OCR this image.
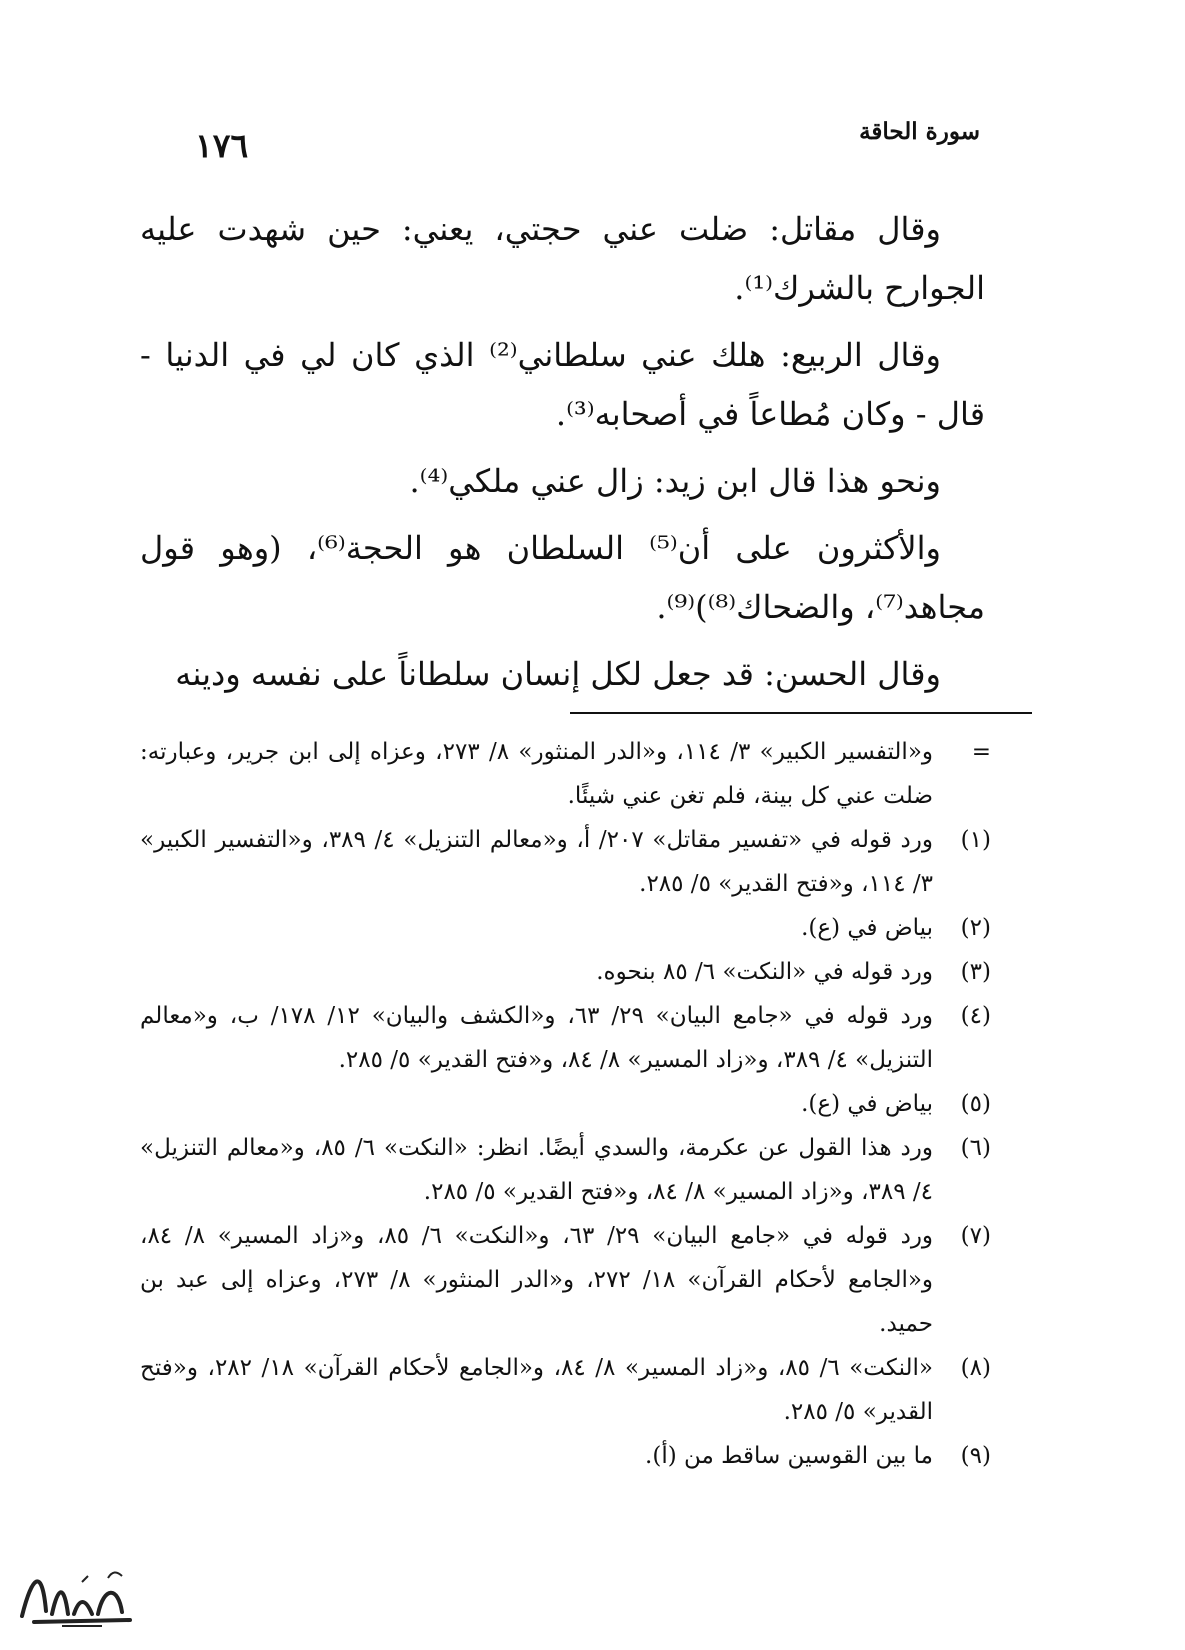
١٧٦	سورة الحاقة

وقال مقاتل: ضلت عني حجتي، يعني: حين شهدت عليه الجوارح بالشرك⁽¹⁾.

وقال الربيع: هلك عني سلطاني⁽²⁾ الذي كان لي في الدنيا - قال - وكان مُطاعاً في أصحابه⁽³⁾.

ونحو هذا قال ابن زيد: زال عني ملكي⁽⁴⁾.

والأكثرون على أن⁽⁵⁾ السلطان هو الحجة⁽⁶⁾، (وهو قول مجاهد⁽⁷⁾، والضحاك⁽⁸⁾)⁽⁹⁾.

وقال الحسن: قد جعل لكل إنسان سلطاناً على نفسه ودينه

=
و«التفسير الكبير» ٣/ ١١٤، و«الدر المنثور» ٨/ ٢٧٣، وعزاه إلى ابن جرير، وعبارته: ضلت عني كل بينة، فلم تغن عني شيئًا.

(١)
ورد قوله في «تفسير مقاتل» ٢٠٧/ أ، و«معالم التنزيل» ٤/ ٣٨٩، و«التفسير الكبير» ٣/ ١١٤، و«فتح القدير» ٥/ ٢٨٥.

(٢)
بياض في (ع).

(٣)
ورد قوله في «النكت» ٦/ ٨٥ بنحوه.

(٤)
ورد قوله في «جامع البيان» ٢٩/ ٦٣، و«الكشف والبيان» ١٢/ ١٧٨/ ب، و«معالم التنزيل» ٤/ ٣٨٩، و«زاد المسير» ٨/ ٨٤، و«فتح القدير» ٥/ ٢٨٥.

(٥)
بياض في (ع).

(٦)
ورد هذا القول عن عكرمة، والسدي أيضًا. انظر: «النكت» ٦/ ٨٥، و«معالم التنزيل» ٤/ ٣٨٩، و«زاد المسير» ٨/ ٨٤، و«فتح القدير» ٥/ ٢٨٥.

(٧)
ورد قوله في «جامع البيان» ٢٩/ ٦٣، و«النكت» ٦/ ٨٥، و«زاد المسير» ٨/ ٨٤، و«الجامع لأحكام القرآن» ١٨/ ٢٧٢، و«الدر المنثور» ٨/ ٢٧٣، وعزاه إلى عبد بن حميد.

(٨)
«النكت» ٦/ ٨٥، و«زاد المسير» ٨/ ٨٤، و«الجامع لأحكام القرآن» ١٨/ ٢٨٢، و«فتح القدير» ٥/ ٢٨٥.

(٩)
ما بين القوسين ساقط من (أ).
